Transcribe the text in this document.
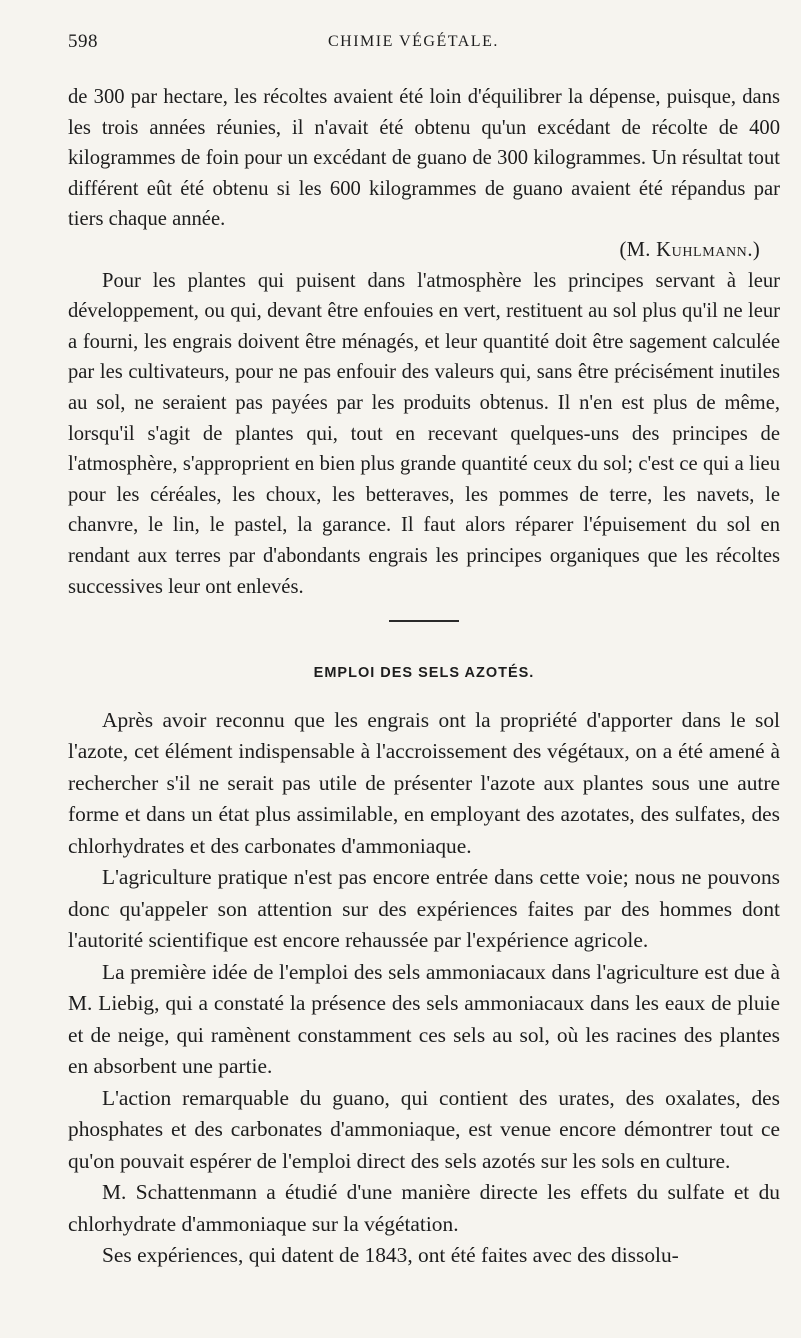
598	CHIMIE VÉGÉTALE.

de 300 par hectare, les récoltes avaient été loin d'équilibrer la dépense, puisque, dans les trois années réunies, il n'avait été obtenu qu'un excédant de récolte de 400 kilogrammes de foin pour un excédant de guano de 300 kilogrammes. Un résultat tout différent eût été obtenu si les 600 kilogrammes de guano avaient été répandus par tiers chaque année.

(M. Kuhlmann.)

Pour les plantes qui puisent dans l'atmosphère les principes servant à leur développement, ou qui, devant être enfouies en vert, restituent au sol plus qu'il ne leur a fourni, les engrais doivent être ménagés, et leur quantité doit être sagement calculée par les cultivateurs, pour ne pas enfouir des valeurs qui, sans être précisément inutiles au sol, ne seraient pas payées par les produits obtenus. Il n'en est plus de même, lorsqu'il s'agit de plantes qui, tout en recevant quelques-uns des principes de l'atmosphère, s'approprient en bien plus grande quantité ceux du sol; c'est ce qui a lieu pour les céréales, les choux, les betteraves, les pommes de terre, les navets, le chanvre, le lin, le pastel, la garance. Il faut alors réparer l'épuisement du sol en rendant aux terres par d'abondants engrais les principes organiques que les récoltes successives leur ont enlevés.

EMPLOI DES SELS AZOTÉS.

Après avoir reconnu que les engrais ont la propriété d'apporter dans le sol l'azote, cet élément indispensable à l'accroissement des végétaux, on a été amené à rechercher s'il ne serait pas utile de présenter l'azote aux plantes sous une autre forme et dans un état plus assimilable, en employant des azotates, des sulfates, des chlorhydrates et des carbonates d'ammoniaque.

L'agriculture pratique n'est pas encore entrée dans cette voie; nous ne pouvons donc qu'appeler son attention sur des expériences faites par des hommes dont l'autorité scientifique est encore rehaussée par l'expérience agricole.

La première idée de l'emploi des sels ammoniacaux dans l'agriculture est due à M. Liebig, qui a constaté la présence des sels ammoniacaux dans les eaux de pluie et de neige, qui ramènent constamment ces sels au sol, où les racines des plantes en absorbent une partie.

L'action remarquable du guano, qui contient des urates, des oxalates, des phosphates et des carbonates d'ammoniaque, est venue encore démontrer tout ce qu'on pouvait espérer de l'emploi direct des sels azotés sur les sols en culture.

M. Schattenmann a étudié d'une manière directe les effets du sulfate et du chlorhydrate d'ammoniaque sur la végétation.

Ses expériences, qui datent de 1843, ont été faites avec des dissolu-
